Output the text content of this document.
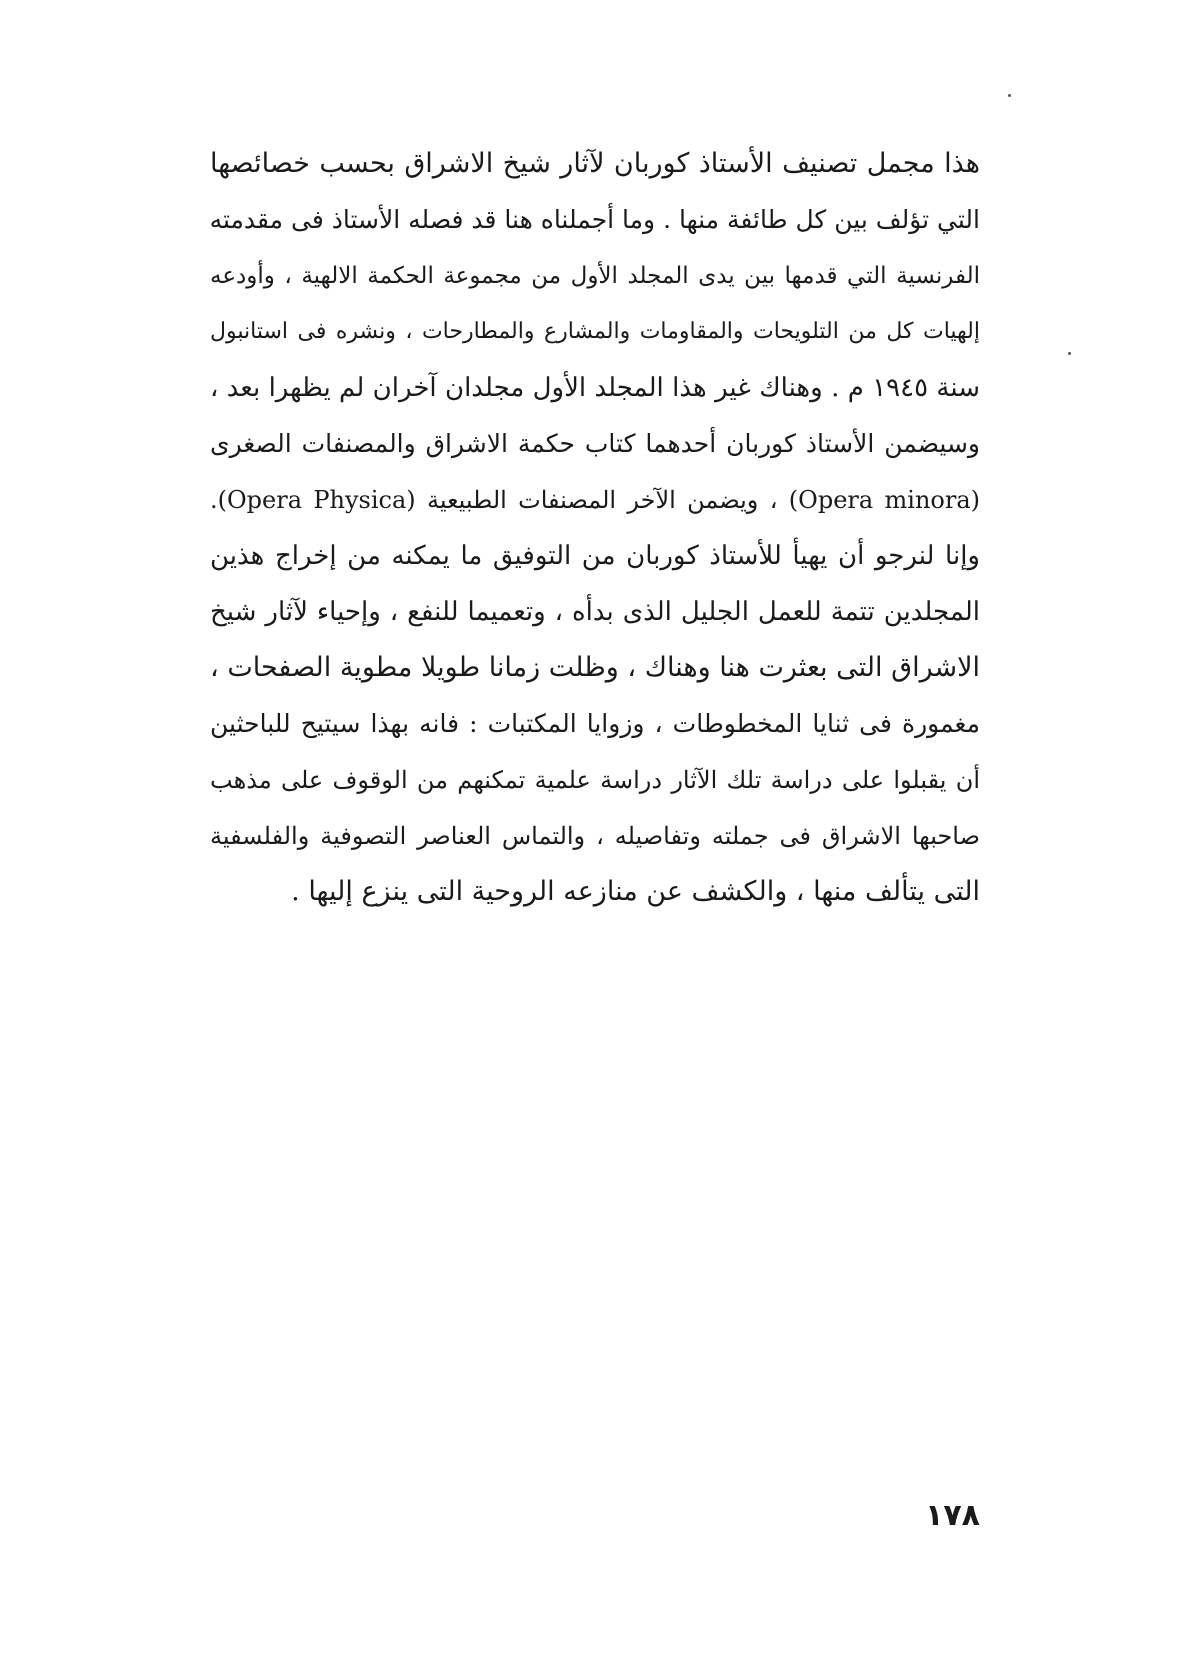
هذا مجمل تصنيف الأستاذ كوربان لآثار شيخ الاشراق بحسب خصائصها
التي تؤلف بين كل طائفة منها . وما أجملناه هنا قد فصله الأستاذ فى مقدمته
الفرنسية التي قدمها بين يدى المجلد الأول من مجموعة الحكمة الالهية ، وأودعه
إلهيات كل من التلويحات والمقاومات والمشارع والمطارحات ، ونشره فى استانبول
سنة ١٩٤٥ م . وهناك غير هذا المجلد الأول مجلدان آخران لم يظهرا بعد ،
وسيضمن الأستاذ كوربان أحدهما كتاب حكمة الاشراق والمصنفات الصغرى
(Opera minora) ، ويضمن الآخر المصنفات الطبيعية (Opera Physica).
وإنا لنرجو أن يهيأ للأستاذ كوربان من التوفيق ما يمكنه من إخراج هذين
المجلدين تتمة للعمل الجليل الذى بدأه ، وتعميما للنفع ، وإحياء لآثار شيخ
الاشراق التى بعثرت هنا وهناك ، وظلت زمانا طويلا مطوية الصفحات ،
مغمورة فى ثنايا المخطوطات ، وزوايا المكتبات : فانه بهذا سيتيح للباحثين
أن يقبلوا على دراسة تلك الآثار دراسة علمية تمكنهم من الوقوف على مذهب
صاحبها الاشراق فى جملته وتفاصيله ، والتماس العناصر التصوفية والفلسفية
التى يتألف منها ، والكشف عن منازعه الروحية التى ينزع إليها .
١٧٨
